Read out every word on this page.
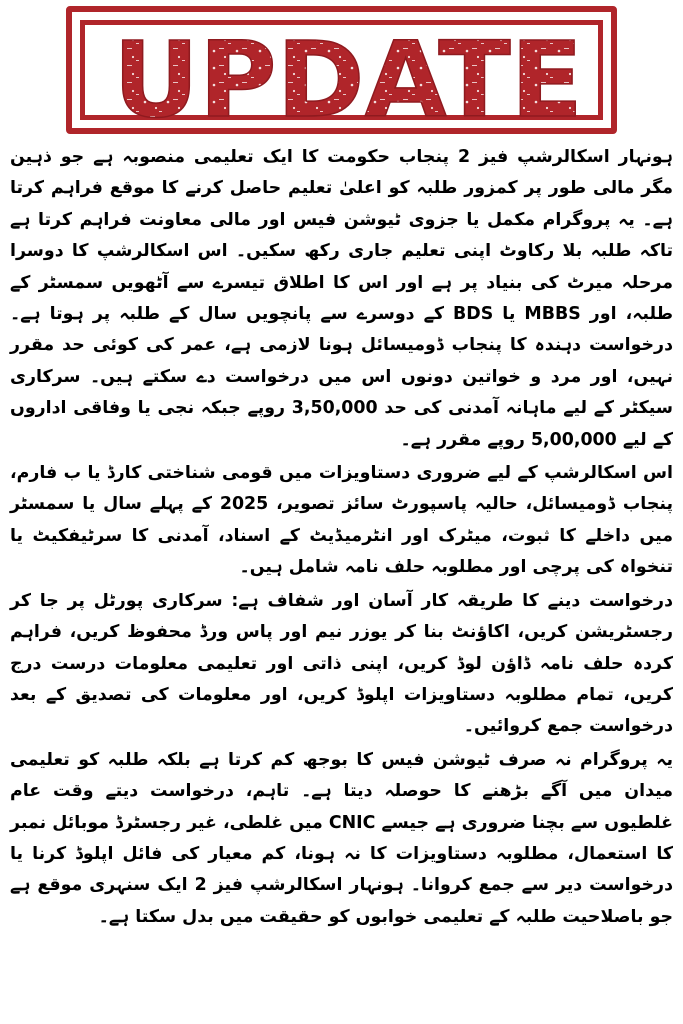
UPDATE

ہونہار اسکالرشپ فیز 2 پنجاب حکومت کا ایک تعلیمی منصوبہ ہے جو ذہین مگر مالی طور پر کمزور طلبہ کو اعلیٰ تعلیم حاصل کرنے کا موقع فراہم کرتا ہے۔ یہ پروگرام مکمل یا جزوی ٹیوشن فیس اور مالی معاونت فراہم کرتا ہے تاکہ طلبہ بلا رکاوٹ اپنی تعلیم جاری رکھ سکیں۔ اس اسکالرشپ کا دوسرا مرحلہ میرٹ کی بنیاد پر ہے اور اس کا اطلاق تیسرے سے آٹھویں سمسٹر کے طلبہ، اور MBBS یا BDS کے دوسرے سے پانچویں سال کے طلبہ پر ہوتا ہے۔ درخواست دہندہ کا پنجاب ڈومیسائل ہونا لازمی ہے، عمر کی کوئی حد مقرر نہیں، اور مرد و خواتین دونوں اس میں درخواست دے سکتے ہیں۔ سرکاری سیکٹر کے لیے ماہانہ آمدنی کی حد 3,50,000 روپے جبکہ نجی یا وفاقی اداروں کے لیے 5,00,000 روپے مقرر ہے۔

اس اسکالرشپ کے لیے ضروری دستاویزات میں قومی شناختی کارڈ یا ب فارم، پنجاب ڈومیسائل، حالیہ پاسپورٹ سائز تصویر، 2025 کے پہلے سال یا سمسٹر میں داخلے کا ثبوت، میٹرک اور انٹرمیڈیٹ کے اسناد، آمدنی کا سرٹیفکیٹ یا تنخواہ کی پرچی اور مطلوبہ حلف نامہ شامل ہیں۔

درخواست دینے کا طریقہ کار آسان اور شفاف ہے: سرکاری پورٹل پر جا کر رجسٹریشن کریں، اکاؤنٹ بنا کر یوزر نیم اور پاس ورڈ محفوظ کریں، فراہم کردہ حلف نامہ ڈاؤن لوڈ کریں، اپنی ذاتی اور تعلیمی معلومات درست درج کریں، تمام مطلوبہ دستاویزات اپلوڈ کریں، اور معلومات کی تصدیق کے بعد درخواست جمع کروائیں۔

یہ پروگرام نہ صرف ٹیوشن فیس کا بوجھ کم کرتا ہے بلکہ طلبہ کو تعلیمی میدان میں آگے بڑھنے کا حوصلہ دیتا ہے۔ تاہم، درخواست دیتے وقت عام غلطیوں سے بچنا ضروری ہے جیسے CNIC میں غلطی، غیر رجسٹرڈ موبائل نمبر کا استعمال، مطلوبہ دستاویزات کا نہ ہونا، کم معیار کی فائل اپلوڈ کرنا یا درخواست دیر سے جمع کروانا۔ ہونہار اسکالرشپ فیز 2 ایک سنہری موقع ہے جو باصلاحیت طلبہ کے تعلیمی خوابوں کو حقیقت میں بدل سکتا ہے۔
